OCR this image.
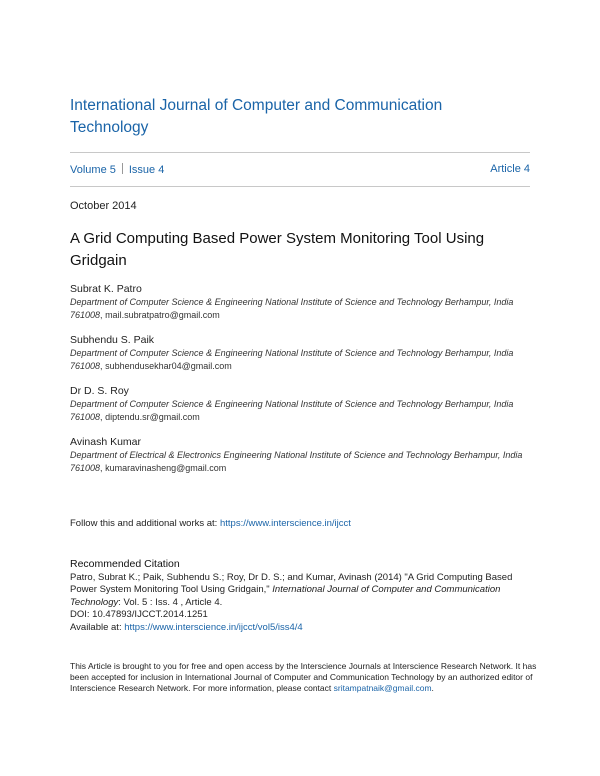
International Journal of Computer and Communication Technology
Volume 5 Issue 4	Article 4
October 2014
A Grid Computing Based Power System Monitoring Tool Using Gridgain
Subrat K. Patro
Department of Computer Science & Engineering National Institute of Science and Technology Berhampur, India 761008, mail.subratpatro@gmail.com
Subhendu S. Paik
Department of Computer Science & Engineering National Institute of Science and Technology Berhampur, India 761008, subhendusekhar04@gmail.com
Dr D. S. Roy
Department of Computer Science & Engineering National Institute of Science and Technology Berhampur, India 761008, diptendu.sr@gmail.com
Avinash Kumar
Department of Electrical & Electronics Engineering National Institute of Science and Technology Berhampur, India 761008, kumaravinasheng@gmail.com
Follow this and additional works at: https://www.interscience.in/ijcct
Recommended Citation
Patro, Subrat K.; Paik, Subhendu S.; Roy, Dr D. S.; and Kumar, Avinash (2014) "A Grid Computing Based Power System Monitoring Tool Using Gridgain," International Journal of Computer and Communication Technology: Vol. 5 : Iss. 4 , Article 4.
DOI: 10.47893/IJCCT.2014.1251
Available at: https://www.interscience.in/ijcct/vol5/iss4/4
This Article is brought to you for free and open access by the Interscience Journals at Interscience Research Network. It has been accepted for inclusion in International Journal of Computer and Communication Technology by an authorized editor of Interscience Research Network. For more information, please contact sritampatnaik@gmail.com.
